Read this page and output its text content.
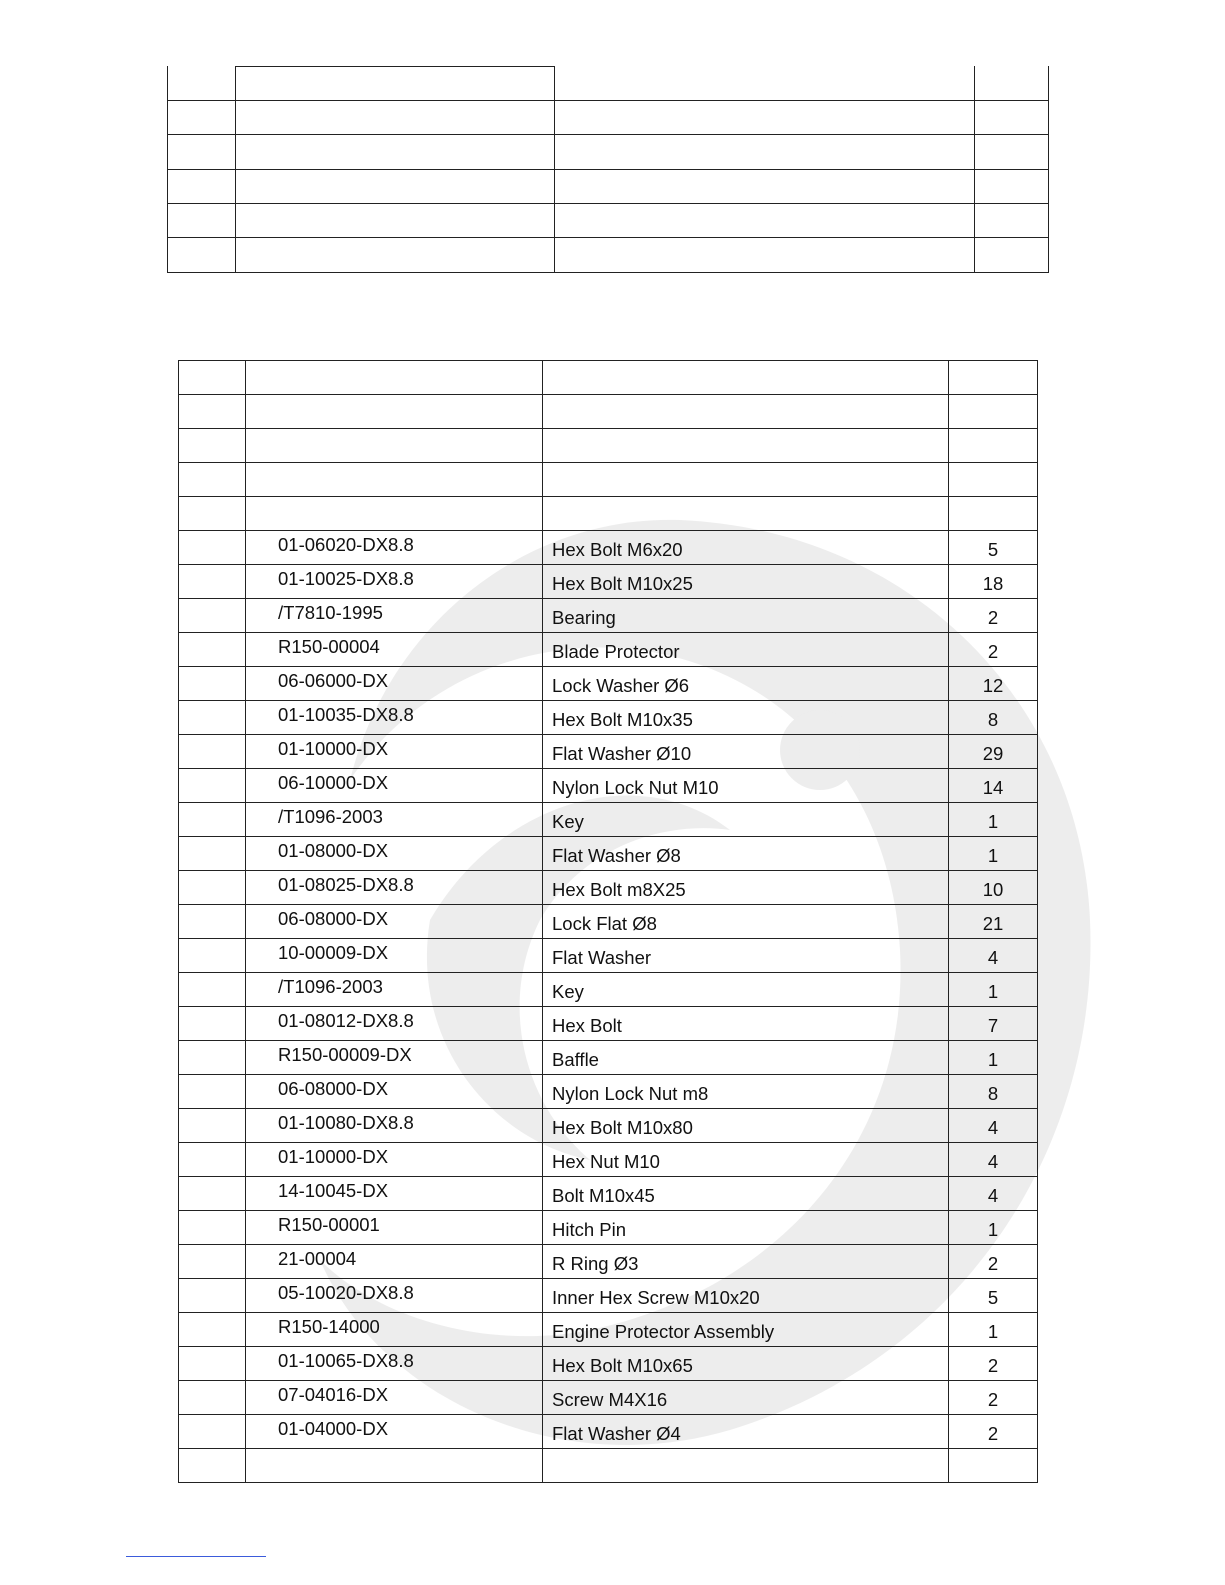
	01-06020-DX8.8	Hex Bolt M6x20	5
	01-10025-DX8.8	Hex Bolt M10x25	18
	/T7810-1995	Bearing	2
	R150-00004	Blade Protector	2
	06-06000-DX	Lock Washer Ø6	12
	01-10035-DX8.8	Hex Bolt M10x35	8
	01-10000-DX	Flat Washer Ø10	29
	06-10000-DX	Nylon Lock Nut M10	14
	/T1096-2003	Key	1
	01-08000-DX	Flat Washer Ø8	1
	01-08025-DX8.8	Hex Bolt m8X25	10
	06-08000-DX	Lock Flat Ø8	21
	10-00009-DX	Flat Washer	4
	/T1096-2003	Key	1
	01-08012-DX8.8	Hex Bolt	7
	R150-00009-DX	Baffle	1
	06-08000-DX	Nylon Lock Nut m8	8
	01-10080-DX8.8	Hex Bolt M10x80	4
	01-10000-DX	Hex Nut M10	4
	14-10045-DX	Bolt M10x45	4
	R150-00001	Hitch Pin	1
	21-00004	R Ring Ø3	2
	05-10020-DX8.8	Inner Hex Screw M10x20	5
	R150-14000	Engine Protector Assembly	1
	01-10065-DX8.8	Hex Bolt M10x65	2
	07-04016-DX	Screw M4X16	2
	01-04000-DX	Flat Washer Ø4	2
